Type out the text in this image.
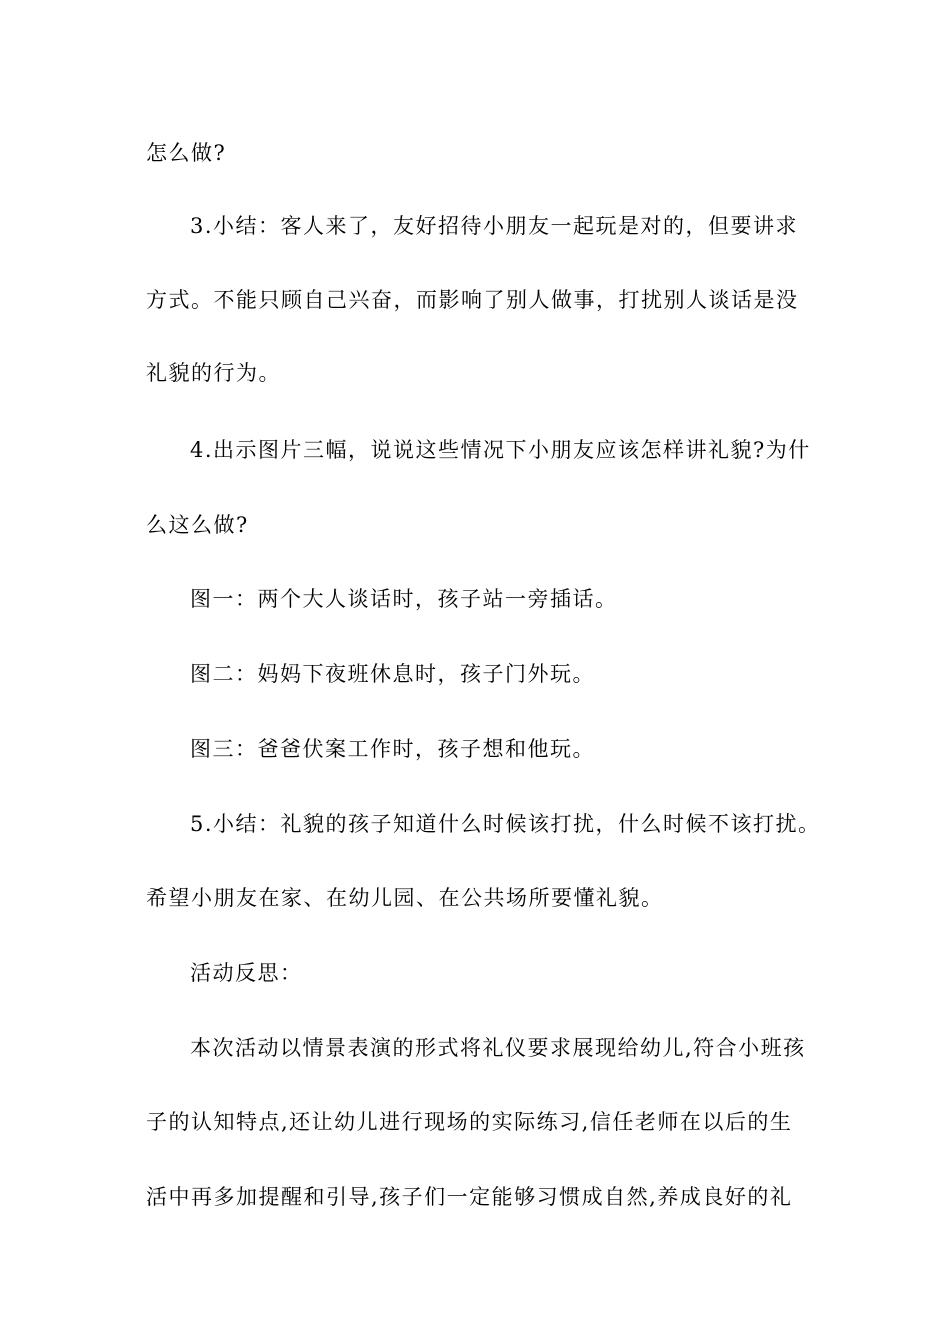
怎么做?
3.小结：客人来了，友好招待小朋友一起玩是对的，但要讲求
方式。不能只顾自己兴奋，而影响了别人做事，打扰别人谈话是没
礼貌的行为。
4.出示图片三幅，说说这些情况下小朋友应该怎样讲礼貌?为什
么这么做?
图一：两个大人谈话时，孩子站一旁插话。
图二：妈妈下夜班休息时，孩子门外玩。
图三：爸爸伏案工作时，孩子想和他玩。
5.小结：礼貌的孩子知道什么时候该打扰，什么时候不该打扰。
希望小朋友在家、在幼儿园、在公共场所要懂礼貌。
活动反思：
本次活动以情景表演的形式将礼仪要求展现给幼儿,符合小班孩
子的认知特点,还让幼儿进行现场的实际练习,信任老师在以后的生
活中再多加提醒和引导,孩子们一定能够习惯成自然,养成良好的礼
